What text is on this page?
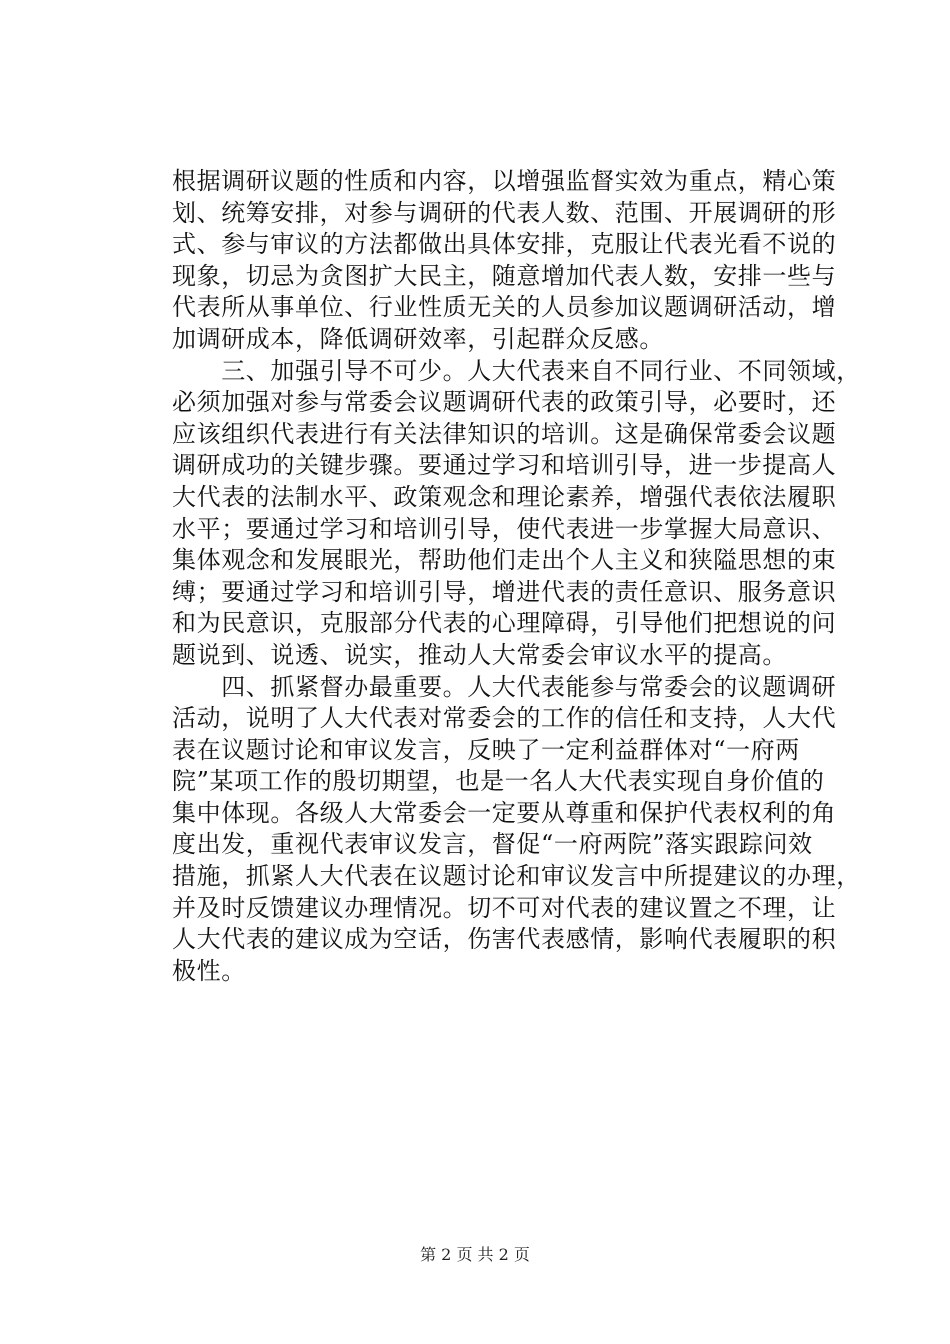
根据调研议题的性质和内容，以增强监督实效为重点，精心策
划、统筹安排，对参与调研的代表人数、范围、开展调研的形
式、参与审议的方法都做出具体安排，克服让代表光看不说的
现象，切忌为贪图扩大民主，随意增加代表人数，安排一些与
代表所从事单位、行业性质无关的人员参加议题调研活动，增
加调研成本，降低调研效率，引起群众反感。
　　三、加强引导不可少。人大代表来自不同行业、不同领域，
必须加强对参与常委会议题调研代表的政策引导，必要时，还
应该组织代表进行有关法律知识的培训。这是确保常委会议题
调研成功的关键步骤。要通过学习和培训引导，进一步提高人
大代表的法制水平、政策观念和理论素养，增强代表依法履职
水平；要通过学习和培训引导，使代表进一步掌握大局意识、
集体观念和发展眼光，帮助他们走出个人主义和狭隘思想的束
缚；要通过学习和培训引导，增进代表的责任意识、服务意识
和为民意识，克服部分代表的心理障碍，引导他们把想说的问
题说到、说透、说实，推动人大常委会审议水平的提高。
　　四、抓紧督办最重要。人大代表能参与常委会的议题调研
活动，说明了人大代表对常委会的工作的信任和支持，人大代
表在议题讨论和审议发言，反映了一定利益群体对“一府两
院”某项工作的殷切期望，也是一名人大代表实现自身价值的
集中体现。各级人大常委会一定要从尊重和保护代表权利的角
度出发，重视代表审议发言，督促“一府两院”落实跟踪问效
措施，抓紧人大代表在议题讨论和审议发言中所提建议的办理，
并及时反馈建议办理情况。切不可对代表的建议置之不理，让
人大代表的建议成为空话，伤害代表感情，影响代表履职的积
极性。
第 2 页 共 2 页
